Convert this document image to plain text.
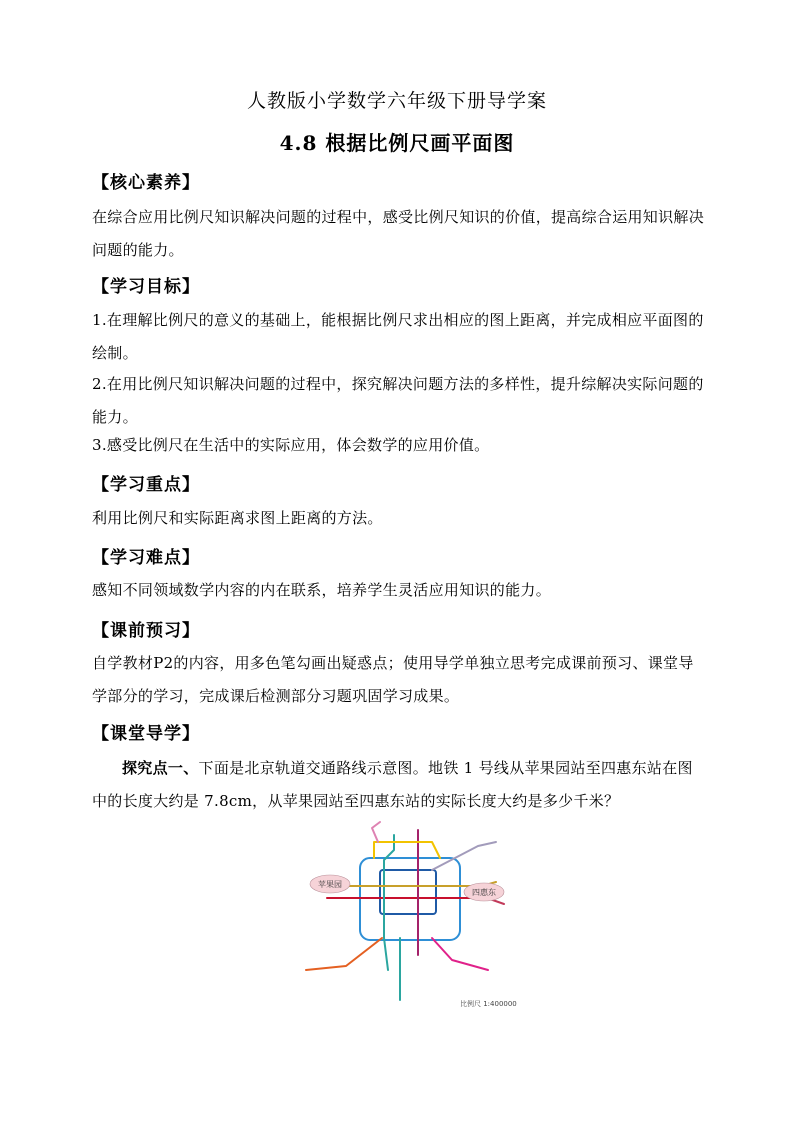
人教版小学数学六年级下册导学案
4.8 根据比例尺画平面图
【核心素养】
在综合应用比例尺知识解决问题的过程中，感受比例尺知识的价值，提高综合运用知识解决问题的能力。
【学习目标】
1.在理解比例尺的意义的基础上，能根据比例尺求出相应的图上距离，并完成相应平面图的绘制。
2.在用比例尺知识解决问题的过程中，探究解决问题方法的多样性，提升综解决实际问题的能力。
3.感受比例尺在生活中的实际应用，体会数学的应用价值。
【学习重点】
利用比例尺和实际距离求图上距离的方法。
【学习难点】
感知不同领域数学内容的内在联系，培养学生灵活应用知识的能力。
【课前预习】
自学教材P2的内容，用多色笔勾画出疑惑点；使用导学单独立思考完成课前预习、课堂导学部分的学习，完成课后检测部分习题巩固学习成果。
【课堂导学】
探究点一、下面是北京轨道交通路线示意图。地铁 1 号线从苹果园站至四惠东站在图中的长度大约是 7.8cm，从苹果园站至四惠东站的实际长度大约是多少千米？
苹果园
四惠东
比例尺 1:400000
